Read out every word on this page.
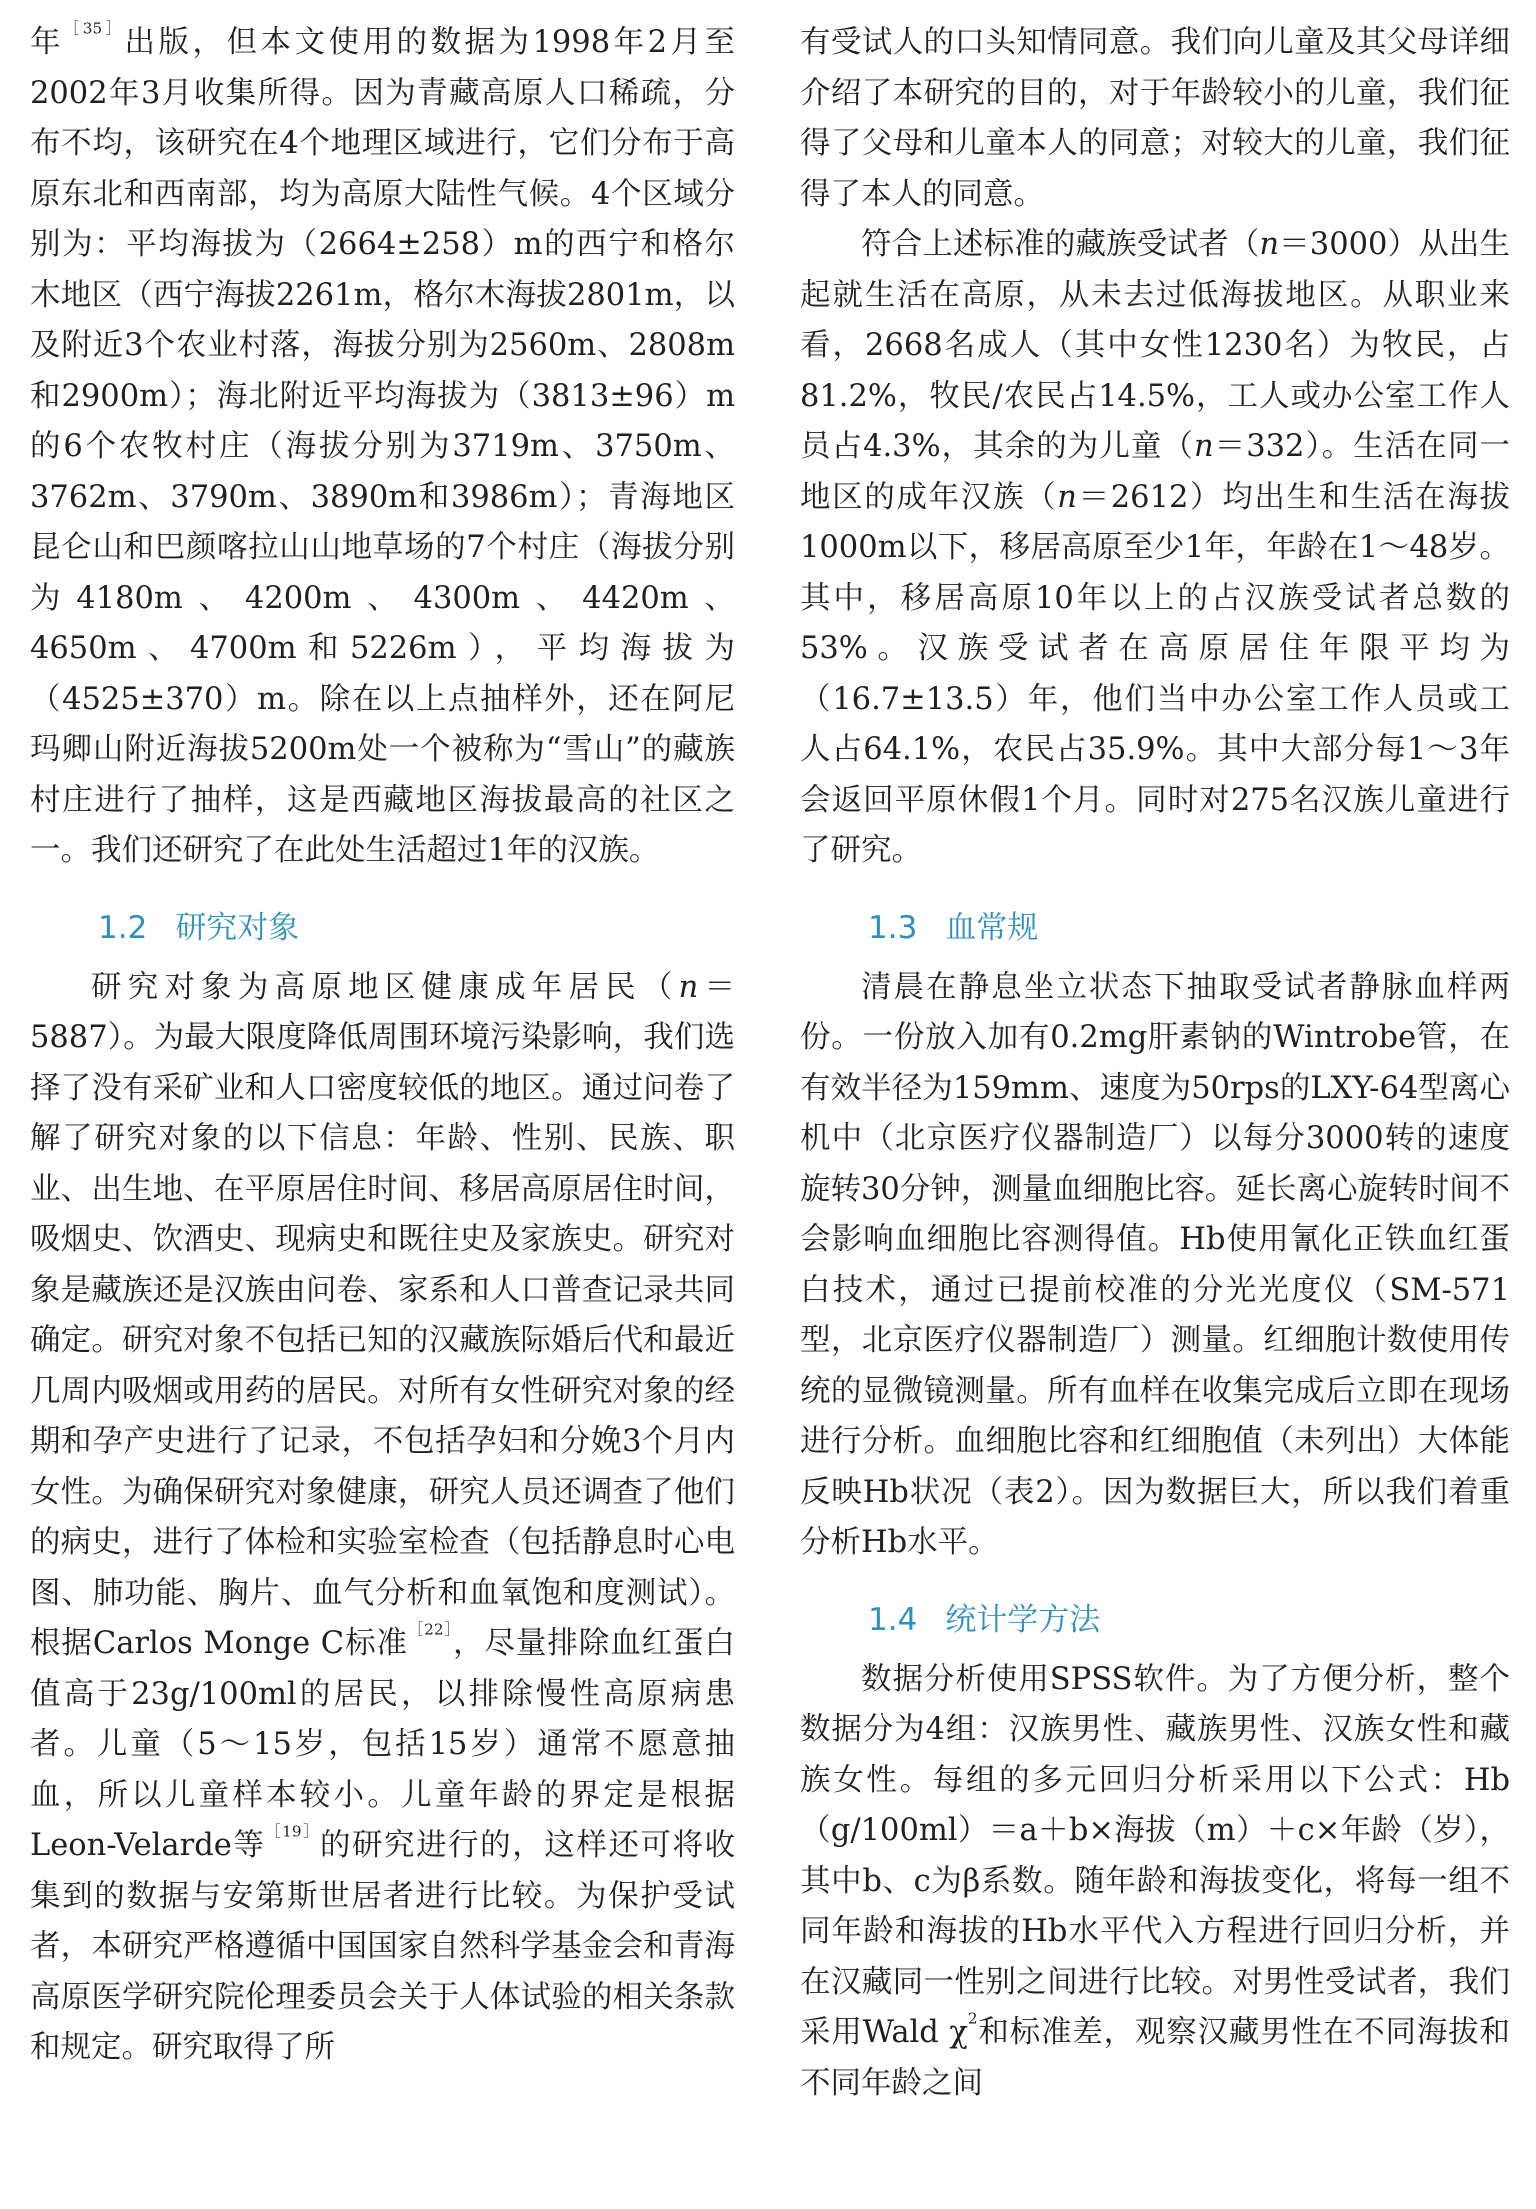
年$^{[35]}$出版，但本文使用的数据为1998年2月至2002年3月收集所得。因为青藏高原人口稀疏，分布不均，该研究在4个地理区域进行，它们分布于高原东北和西南部，均为高原大陆性气候。4个区域分别为：平均海拔为（2664±258）m的西宁和格尔木地区（西宁海拔2261m，格尔木海拔2801m，以及附近3个农业村落，海拔分别为2560m、2808m和2900m）；海北附近平均海拔为（3813±96）m的6个农牧村庄（海拔分别为3719m、3750m、3762m、3790m、3890m和3986m）；青海地区昆仑山和巴颜喀拉山山地草场的7个村庄（海拔分别为4180m、4200m、4300m、4420m、4650m、4700m和5226m），平均海拔为（4525±370）m。除在以上点抽样外，还在阿尼玛卿山附近海拔5200m处一个被称为“雪山”的藏族村庄进行了抽样，这是西藏地区海拔最高的社区之一。我们还研究了在此处生活超过1年的汉族。

1.2 研究对象

研究对象为高原地区健康成年居民（n＝5887）。为最大限度降低周围环境污染影响，我们选择了没有采矿业和人口密度较低的地区。通过问卷了解了研究对象的以下信息：年龄、性别、民族、职业、出生地、在平原居住时间、移居高原居住时间，吸烟史、饮酒史、现病史和既往史及家族史。研究对象是藏族还是汉族由问卷、家系和人口普查记录共同确定。研究对象不包括已知的汉藏族际婚后代和最近几周内吸烟或用药的居民。对所有女性研究对象的经期和孕产史进行了记录，不包括孕妇和分娩3个月内女性。为确保研究对象健康，研究人员还调查了他们的病史，进行了体检和实验室检查（包括静息时心电图、肺功能、胸片、血气分析和血氧饱和度测试）。根据Carlos Monge C标准$^{[22]}$，尽量排除血红蛋白值高于23g/100ml的居民，以排除慢性高原病患者。儿童（5～15岁，包括15岁）通常不愿意抽血，所以儿童样本较小。儿童年龄的界定是根据Leon-Velarde等$^{[19]}$的研究进行的，这样还可将收集到的数据与安第斯世居者进行比较。为保护受试者，本研究严格遵循中国国家自然科学基金会和青海高原医学研究院伦理委员会关于人体试验的相关条款和规定。研究取得了所

有受试人的口头知情同意。我们向儿童及其父母详细介绍了本研究的目的，对于年龄较小的儿童，我们征得了父母和儿童本人的同意；对较大的儿童，我们征得了本人的同意。

符合上述标准的藏族受试者（n＝3000）从出生起就生活在高原，从未去过低海拔地区。从职业来看，2668名成人（其中女性1230名）为牧民，占81.2%，牧民/农民占14.5%，工人或办公室工作人员占4.3%，其余的为儿童（n＝332）。生活在同一地区的成年汉族（n＝2612）均出生和生活在海拔1000m以下，移居高原至少1年，年龄在1～48岁。其中，移居高原10年以上的占汉族受试者总数的53%。汉族受试者在高原居住年限平均为（16.7±13.5）年，他们当中办公室工作人员或工人占64.1%，农民占35.9%。其中大部分每1～3年会返回平原休假1个月。同时对275名汉族儿童进行了研究。

1.3 血常规

清晨在静息坐立状态下抽取受试者静脉血样两份。一份放入加有0.2mg肝素钠的Wintrobe管，在有效半径为159mm、速度为50rps的LXY-64型离心机中（北京医疗仪器制造厂）以每分3000转的速度旋转30分钟，测量血细胞比容。延长离心旋转时间不会影响血细胞比容测得值。Hb使用氰化正铁血红蛋白技术，通过已提前校准的分光光度仪（SM-571型，北京医疗仪器制造厂）测量。红细胞计数使用传统的显微镜测量。所有血样在收集完成后立即在现场进行分析。血细胞比容和红细胞值（未列出）大体能反映Hb状况（表2）。因为数据巨大，所以我们着重分析Hb水平。

1.4 统计学方法

数据分析使用SPSS软件。为了方便分析，整个数据分为4组：汉族男性、藏族男性、汉族女性和藏族女性。每组的多元回归分析采用以下公式：Hb（g/100ml）＝a＋b×海拔（m）＋c×年龄（岁），其中b、c为β系数。随年龄和海拔变化，将每一组不同年龄和海拔的Hb水平代入方程进行回归分析，并在汉藏同一性别之间进行比较。对男性受试者，我们采用Wald $\chi^2$和标准差，观察汉藏男性在不同海拔和不同年龄之间
